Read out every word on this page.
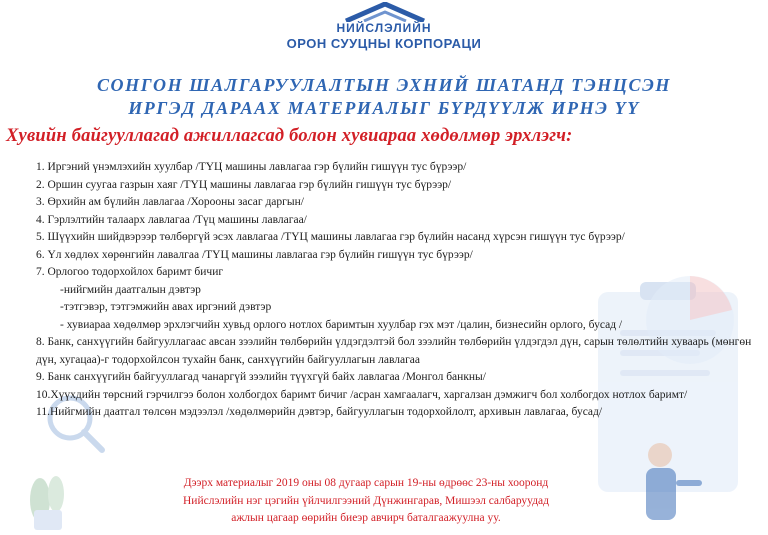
НИЙСЛЭЛИЙН
ОРОН СУУЦНЫ КОРПОРАЦИ
СОНГОН ШАЛГАРУУЛАЛТЫН ЭХНИЙ ШАТАНД ТЭНЦСЭН
ИРГЭД ДАРААХ МАТЕРИАЛЫГ БҮРДҮҮЛЖ ИРНЭ ҮҮ
Хувийн байгууллагад ажиллагсад болон хувиараа хөдөлмөр эрхлэгч:
1. Иргэний үнэмлэхийн хуулбар /ТҮЦ машины лавлагаа гэр бүлийн гишүүн тус бүрээр/
2. Оршин суугаа газрын хаяг /ТҮЦ машины лавлагаа гэр бүлийн гишүүн тус бүрээр/
3. Өрхийн ам бүлийн лавлагаа /Хорооны засаг даргын/
4. Гэрлэлтийн талаарх лавлагаа /Түц машины лавлагаа/
5. Шүүхийн шийдвэрээр төлбөргүй эсэх лавлагаа /ТҮЦ машины лавлагаа гэр бүлийн насанд хүрсэн гишүүн тус бүрээр/
6. Үл хөдлөх хөрөнгийн лавалгаа /ТҮЦ машины лавлагаа гэр бүлийн гишүүн тус бүрээр/
7. Орлогоо тодорхойлох баримт бичиг
-нийгмийн даатгалын дэвтэр
-тэтгэвэр, тэтгэмжийн авах иргэний дэвтэр
- хувиараа хөдөлмөр эрхлэгчийн хувьд орлого нотлох баримтын хуулбар гэх мэт /цалин, бизнесийн орлого, бусад /
8. Банк, санхүүгийн байгууллагаас авсан зээлийн төлбөрийн үлдэгдэлтэй бол зээлийн төлбөрийн үлдэгдэл дүн, сарын төлөлтийн хуваарь (мөнгөн дүн, хугацаа)-г тодорхойлсон тухайн банк, санхүүгийн байгууллагын лавлагаа
9. Банк санхүүгийн байгууллагад чанаргүй зээлийн түүхгүй байх лавлагаа /Монгол банкны/
10.Хүүхдийн төрсний гэрчилгээ болон холбогдох баримт бичиг /асран хамгаалагч, харгалзан дэмжигч бол холбогдох нотлох баримт/
11.Нийгмийн даатгал төлсөн мэдээлэл /хөдөлмөрийн дэвтэр, байгууллагын тодорхойлолт, архивын лавлагаа, бусад/
Дээрх материалыг 2019 оны 08 дугаар сарын 19-ны өдрөөс 23-ны хооронд
Нийслэлийн нэг цэгийн үйлчилгээний Дүнжингарав, Мишээл салбаруудад
ажлын цагаар өөрийн биеэр авчирч баталгаажуулна уу.
